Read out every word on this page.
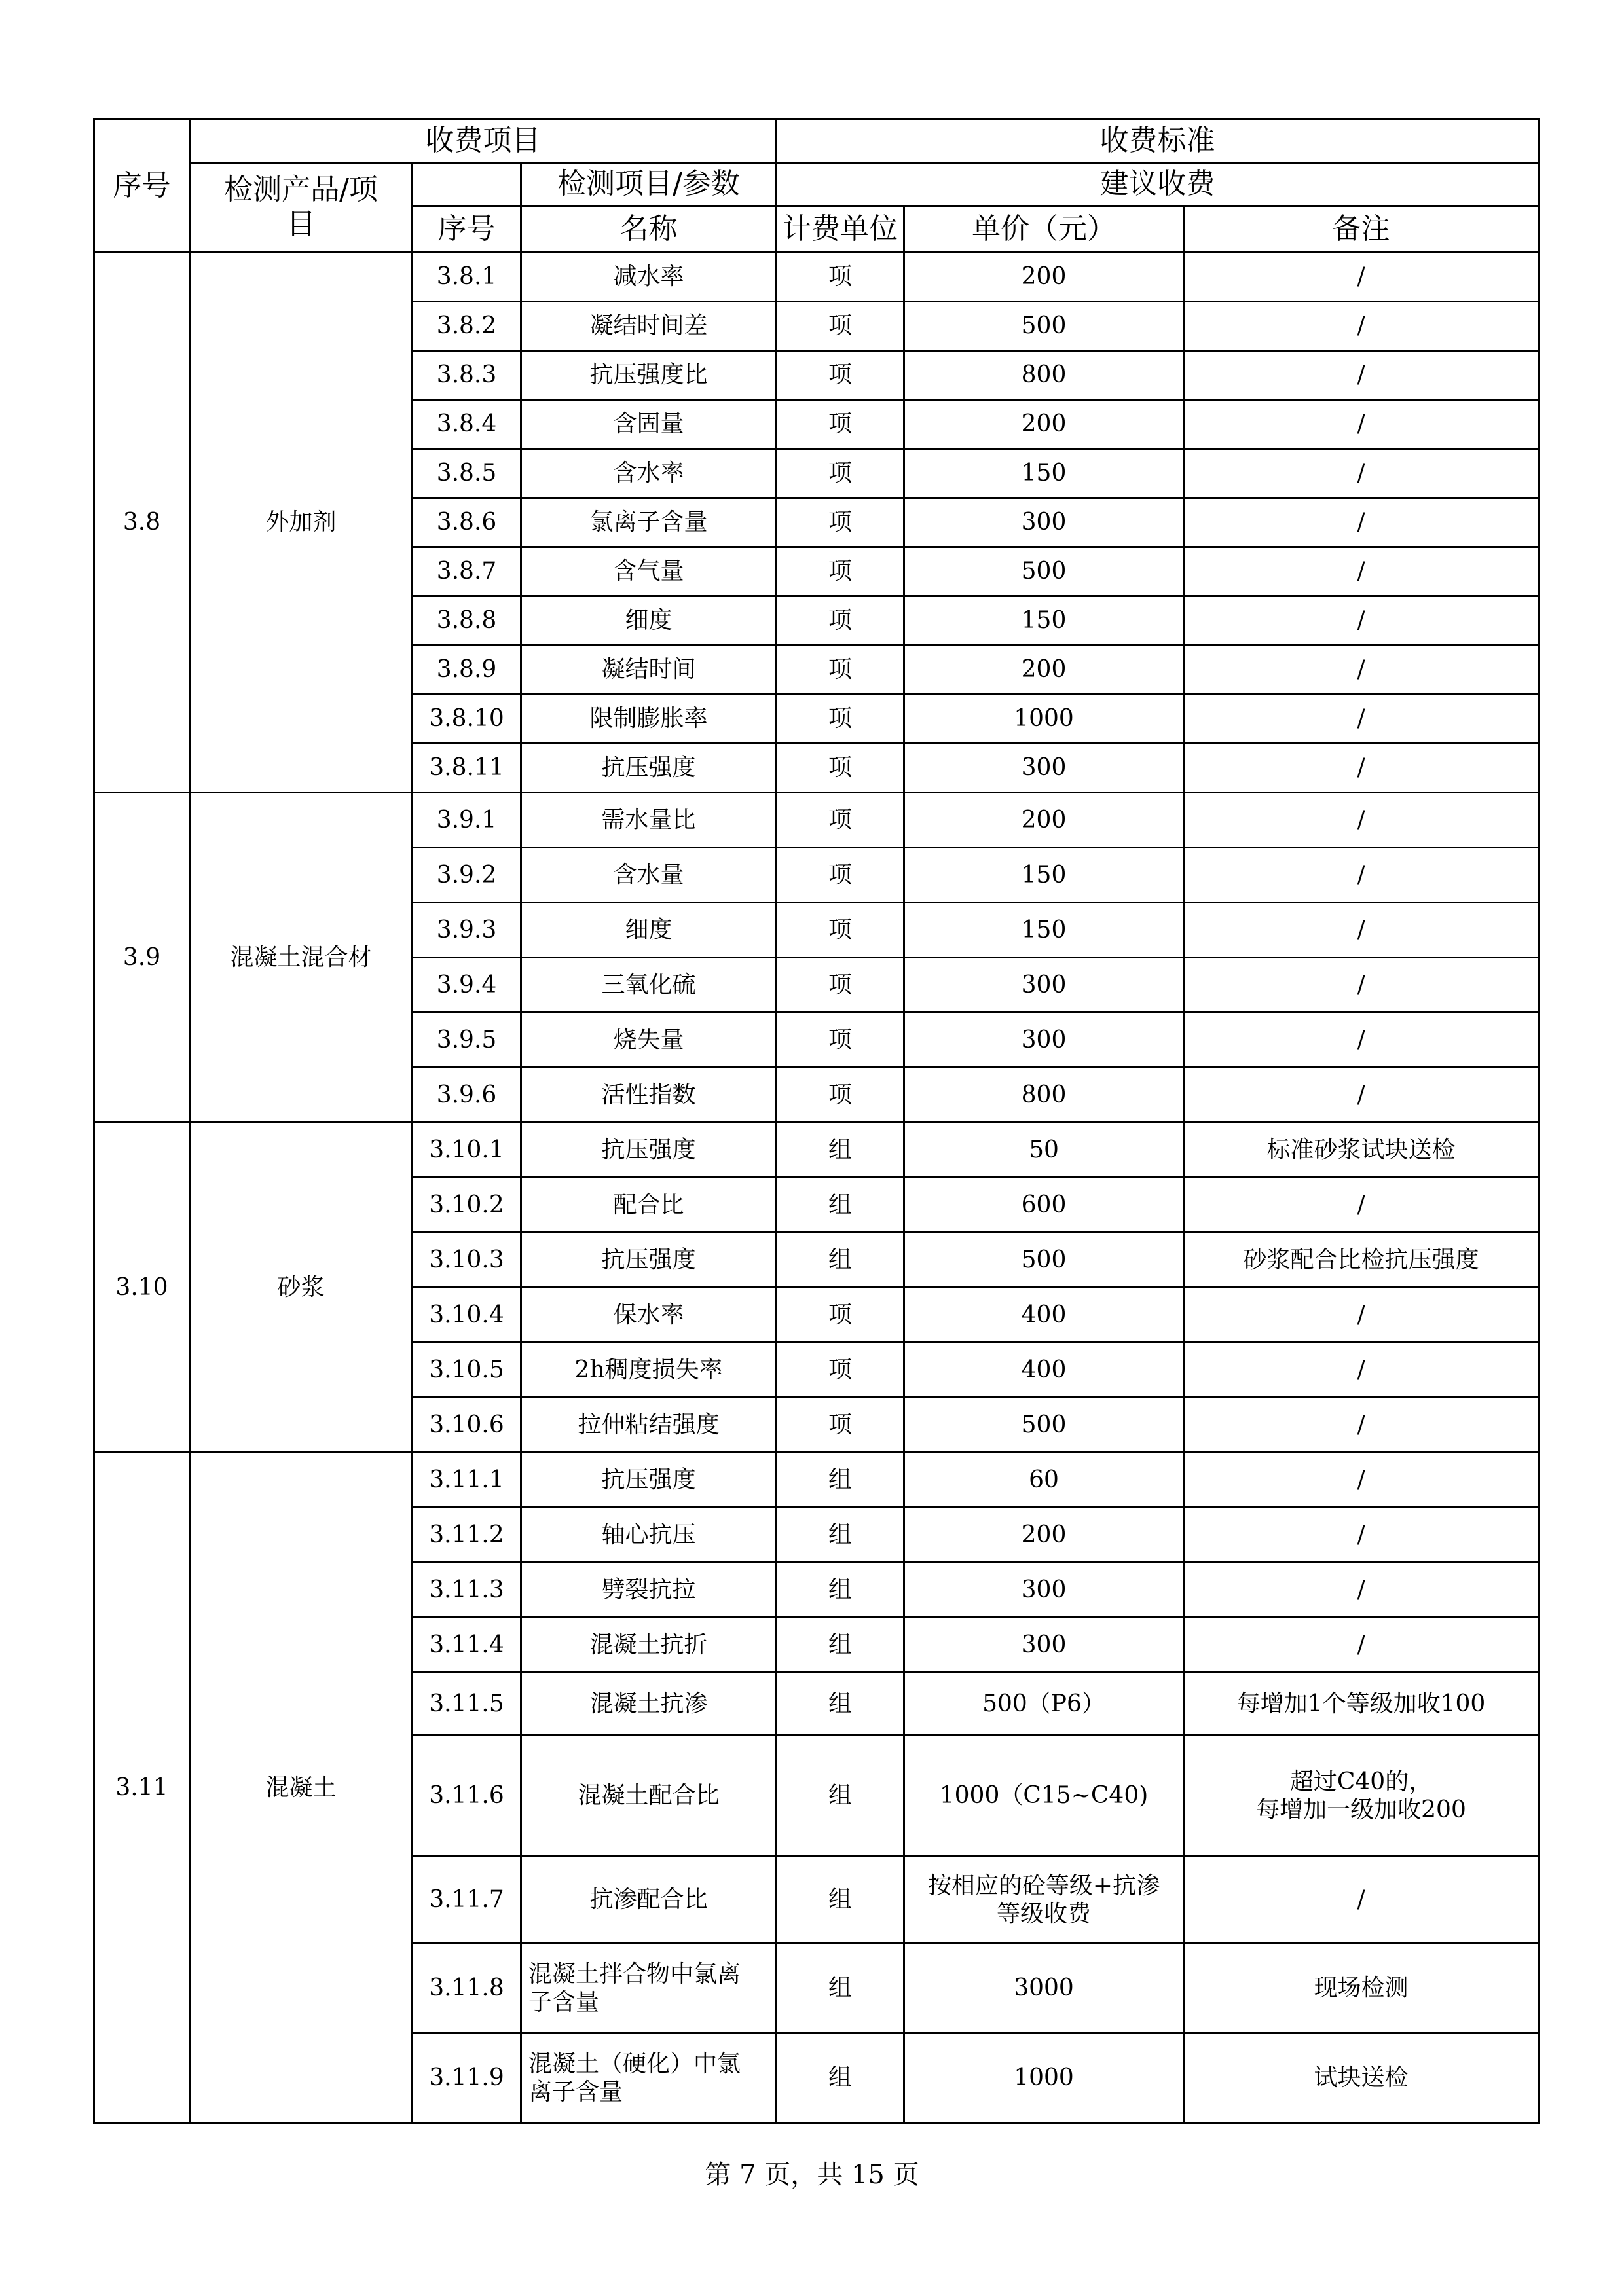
序号	收费项目			收费标准		

	检测产品/项
目		检测项目/参数	建议收费		
		序号	名称	计费单位	单价（元）	备注
3.8	外加剂	3.8.1	减水率	项	200	/
		3.8.2	凝结时间差	项	500	/
		3.8.3	抗压强度比	项	800	/
		3.8.4	含固量	项	200	/
		3.8.5	含水率	项	150	/
		3.8.6	氯离子含量	项	300	/
		3.8.7	含气量	项	500	/
		3.8.8	细度	项	150	/
		3.8.9	凝结时间	项	200	/
		3.8.10	限制膨胀率	项	1000	/
		3.8.11	抗压强度	项	300	/
3.9	混凝土混合材	3.9.1	需水量比	项	200	/
		3.9.2	含水量	项	150	/
		3.9.3	细度	项	150	/
		3.9.4	三氧化硫	项	300	/
		3.9.5	烧失量	项	300	/
		3.9.6	活性指数	项	800	/
3.10	砂浆	3.10.1	抗压强度	组	50	标准砂浆试块送检
		3.10.2	配合比	组	600	/
		3.10.3	抗压强度	组	500	砂浆配合比检抗压强度
		3.10.4	保水率	项	400	/
		3.10.5	2h稠度损失率	项	400	/
		3.10.6	拉伸粘结强度	项	500	/
3.11	混凝土	3.11.1	抗压强度	组	60	/
		3.11.2	轴心抗压	组	200	/
		3.11.3	劈裂抗拉	组	300	/
		3.11.4	混凝土抗折	组	300	/
		3.11.5	混凝土抗渗	组	500（P6）	每增加1个等级加收100
		3.11.6	混凝土配合比	组	1000（C15~C40)	超过C40的，
每增加一级加收200

		3.11.7	抗渗配合比	组	按相应的砼等级+抗渗
等级收费	/
		3.11.8	混凝土拌合物中氯离
子含量	组	3000	现场检测
		3.11.9	混凝土（硬化）中氯
离子含量	组	1000	试块送检
第 7 页，共 15 页
